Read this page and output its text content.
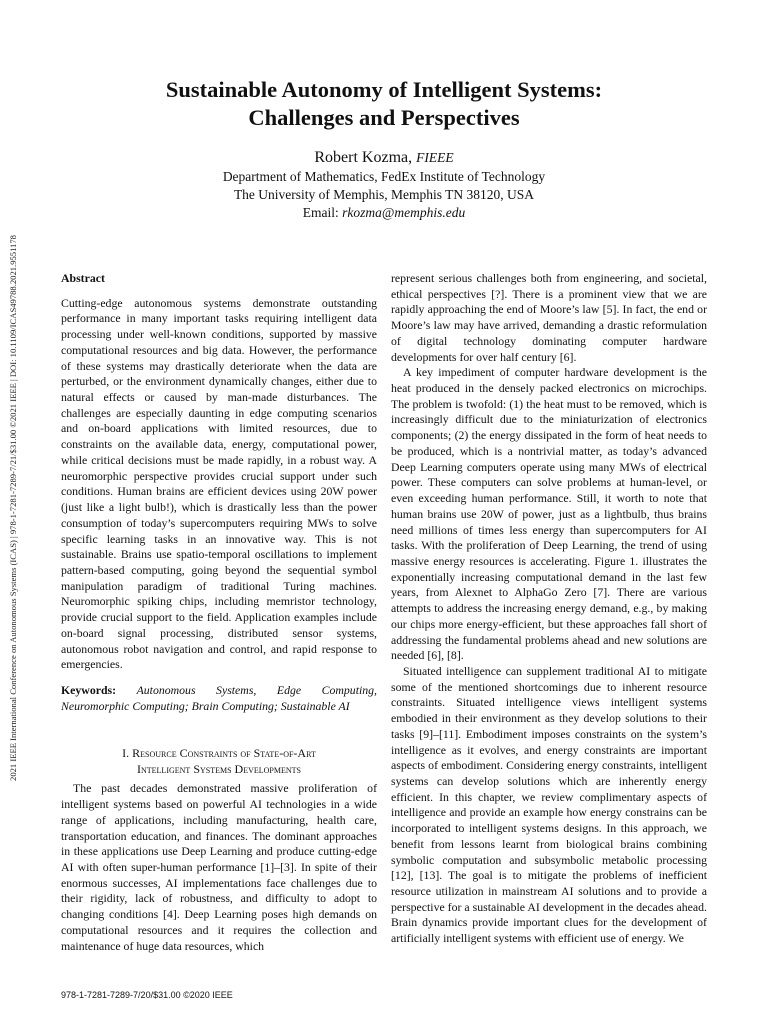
2021 IEEE International Conference on Autonomous Systems (ICAS) | 978-1-7281-7289-7/21/$31.00 ©2021 IEEE | DOI: 10.1109/ICAS49788.2021.9551178
Sustainable Autonomy of Intelligent Systems:
Challenges and Perspectives
Robert Kozma, FIEEE
Department of Mathematics, FedEx Institute of Technology
The University of Memphis, Memphis TN 38120, USA
Email: rkozma@memphis.edu

Abstract

Cutting-edge autonomous systems demonstrate outstanding performance in many important tasks requiring intelligent data processing under well-known conditions, supported by massive computational resources and big data. However, the performance of these systems may drastically deteriorate when the data are perturbed, or the environment dynamically changes, either due to natural effects or caused by man-made disturbances. The challenges are especially daunting in edge computing scenarios and on-board applications with limited resources, due to constraints on the available data, energy, computational power, while critical decisions must be made rapidly, in a robust way. A neuromorphic perspective provides crucial support under such conditions. Human brains are efficient devices using 20W power (just like a light bulb!), which is drastically less than the power consumption of today’s supercomputers requiring MWs to solve specific learning tasks in an innovative way. This is not sustainable. Brains use spatio-temporal oscillations to implement pattern-based computing, going beyond the sequential symbol manipulation paradigm of traditional Turing machines. Neuromorphic spiking chips, including memristor technology, provide crucial support to the field. Application examples include on-board signal processing, distributed sensor systems, autonomous robot navigation and control, and rapid response to emergencies.

Keywords: Autonomous Systems, Edge Computing, Neuromorphic Computing; Brain Computing; Sustainable AI

I. Resource Constraints of State-of-Art
Intelligent Systems Developments

The past decades demonstrated massive proliferation of intelligent systems based on powerful AI technologies in a wide range of applications, including manufacturing, health care, transportation education, and finances. The dominant approaches in these applications use Deep Learning and produce cutting-edge AI with often super-human performance [1]–[3]. In spite of their enormous successes, AI implementations face challenges due to their rigidity, lack of robustness, and difficulty to adopt to changing conditions [4]. Deep Learning poses high demands on computational resources and it requires the collection and maintenance of huge data resources, which

represent serious challenges both from engineering, and societal, ethical perspectives [?]. There is a prominent view that we are rapidly approaching the end of Moore’s law [5]. In fact, the end or Moore’s law may have arrived, demanding a drastic reformulation of digital technology dominating computer hardware developments for over half century [6].

A key impediment of computer hardware development is the heat produced in the densely packed electronics on microchips. The problem is twofold: (1) the heat must to be removed, which is increasingly difficult due to the miniaturization of electronics components; (2) the energy dissipated in the form of heat needs to be produced, which is a nontrivial matter, as today’s advanced Deep Learning computers operate using many MWs of electrical power. These computers can solve problems at human-level, or even exceeding human performance. Still, it worth to note that human brains use 20W of power, just as a lightbulb, thus brains need millions of times less energy than supercomputers for AI tasks. With the proliferation of Deep Learning, the trend of using massive energy resources is accelerating. Figure 1. illustrates the exponentially increasing computational demand in the last few years, from Alexnet to AlphaGo Zero [7]. There are various attempts to address the increasing energy demand, e.g., by making our chips more energy-efficient, but these approaches fall short of addressing the fundamental problems ahead and new solutions are needed [6], [8].

Situated intelligence can supplement traditional AI to mitigate some of the mentioned shortcomings due to inherent resource constraints. Situated intelligence views intelligent systems embodied in their environment as they develop solutions to their tasks [9]–[11]. Embodiment imposes constraints on the system’s intelligence as it evolves, and energy constraints are important aspects of embodiment. Considering energy constraints, intelligent systems can develop solutions which are inherently energy efficient. In this chapter, we review complimentary aspects of intelligence and provide an example how energy constrains can be incorporated to intelligent systems designs. In this approach, we benefit from lessons learnt from biological brains combining symbolic computation and subsymbolic metabolic processing [12], [13]. The goal is to mitigate the problems of inefficient resource utilization in mainstream AI solutions and to provide a perspective for a sustainable AI development in the decades ahead. Brain dynamics provide important clues for the development of artificially intelligent systems with efficient use of energy. We

978-1-7281-7289-7/20/$31.00 ©2020 IEEE
